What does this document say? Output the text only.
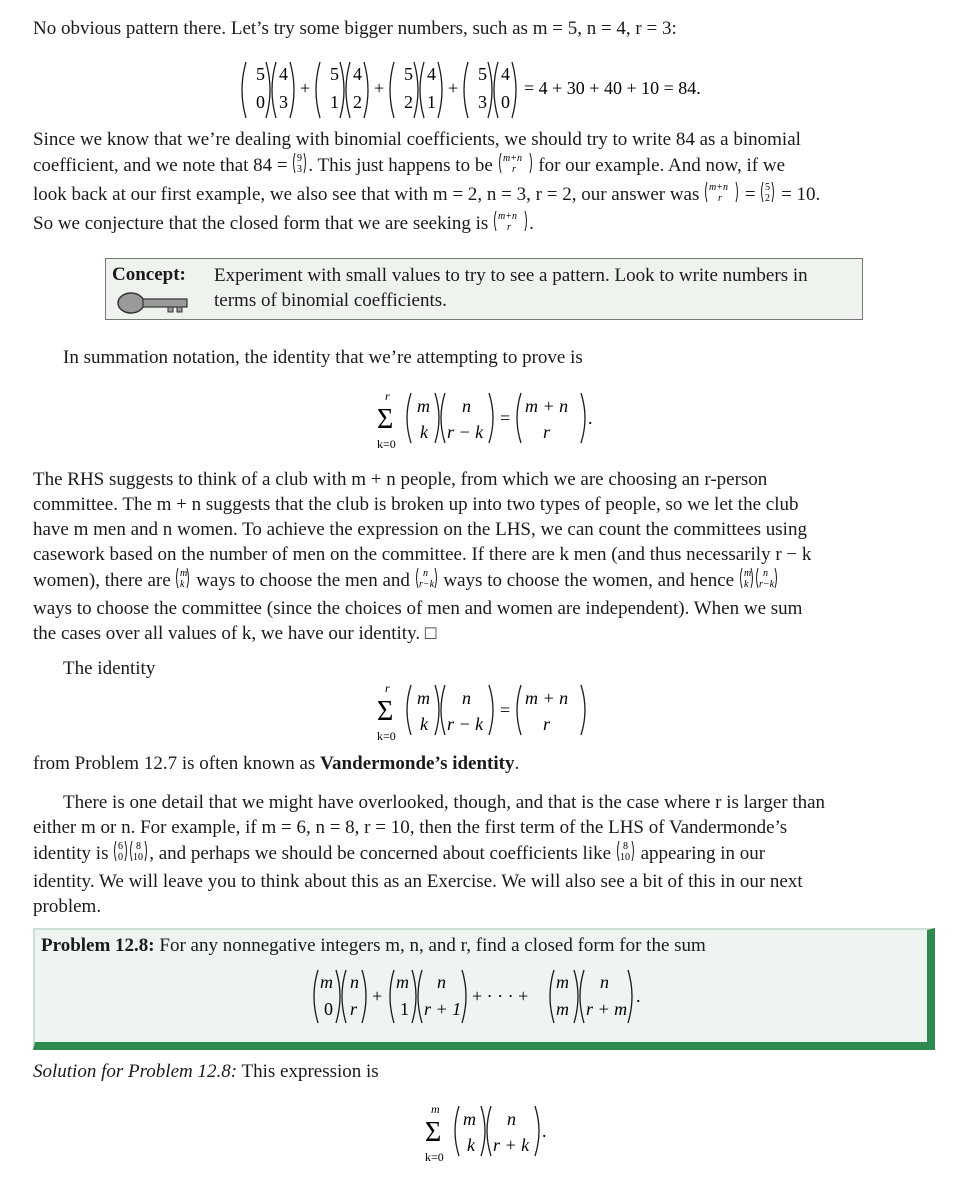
No obvious pattern there. Let’s try some bigger numbers, such as m = 5, n = 4, r = 3:
5
0
4
3
+
5
1
4
2
+
5
2
4
1
+
5
3
4
0
= 4 + 30 + 40 + 10 = 84.
Since we know that we’re dealing with binomial coefficients, we should try to write 84 as a binomial
coefficient, and we note that 84 = 9
3 . This just happens to be m+n
r for our example. And now, if we
look back at our first example, we also see that with m = 2, n = 3, r = 2, our answer was m+n
r = 5
2 = 10.
So we conjecture that the closed form that we are seeking is m+n
r .
Concept: Experiment with small values to try to see a pattern. Look to write numbers in terms of binomial coefficients.
In summation notation, the identity that we’re attempting to prove is
r
Σ
k=0
m
k
n
r − k
=
m + n
r
.
The RHS suggests to think of a club with m + n people, from which we are choosing an r-person
committee. The m + n suggests that the club is broken up into two types of people, so we let the club
have m men and n women. To achieve the expression on the LHS, we can count the committees using
casework based on the number of men on the committee. If there are k men (and thus necessarily r − k
women), there are m
k ways to choose the men and n
r−k ways to choose the women, and hence m
k
n
r−k
ways to choose the committee (since the choices of men and women are independent). When we sum
the cases over all values of k, we have our identity. □
The identity
r
Σ
k=0
m
k
n
r − k
=
m + n
r
from Problem 12.7 is often known as Vandermonde’s identity.
There is one detail that we might have overlooked, though, and that is the case where r is larger than
either m or n. For example, if m = 6, n = 8, r = 10, then the first term of the LHS of Vandermonde’s
identity is 6
0
8
10 , and perhaps we should be concerned about coefficients like 8
10 appearing in our
identity. We will leave you to think about this as an Exercise. We will also see a bit of this in our next
problem.
Problem 12.8: For any nonnegative integers m, n, and r, find a closed form for the sum
m
0
n
r
+
m
1
n
r + 1
+ · · · +
m
m
n
r + m
.
Solution for Problem 12.8: This expression is
m
Σ
k=0
m
k
n
r + k
.
